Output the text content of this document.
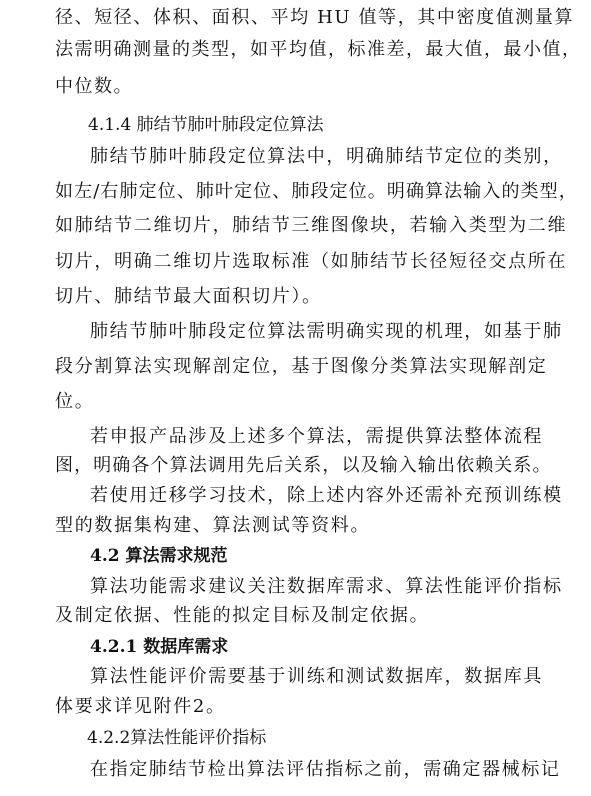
径、短径、体积、面积、平均 HU 值等，其中密度值测量算
法需明确测量的类型，如平均值，标准差，最大值，最小值，
中位数。
4.1.4 肺结节肺叶肺段定位算法
肺结节肺叶肺段定位算法中，明确肺结节定位的类别，
如左/右肺定位、肺叶定位、肺段定位。明确算法输入的类型，
如肺结节二维切片，肺结节三维图像块，若输入类型为二维
切片，明确二维切片选取标准（如肺结节长径短径交点所在
切片、肺结节最大面积切片）。
肺结节肺叶肺段定位算法需明确实现的机理，如基于肺
段分割算法实现解剖定位，基于图像分类算法实现解剖定
位。
若申报产品涉及上述多个算法，需提供算法整体流程
图，明确各个算法调用先后关系，以及输入输出依赖关系。
若使用迁移学习技术，除上述内容外还需补充预训练模
型的数据集构建、算法测试等资料。
4.2 算法需求规范
算法功能需求建议关注数据库需求、算法性能评价指标
及制定依据、性能的拟定目标及制定依据。
4.2.1 数据库需求
算法性能评价需要基于训练和测试数据库，数据库具
体要求详见附件2。
4.2.2算法性能评价指标
在指定肺结节检出算法评估指标之前，需确定器械标记
